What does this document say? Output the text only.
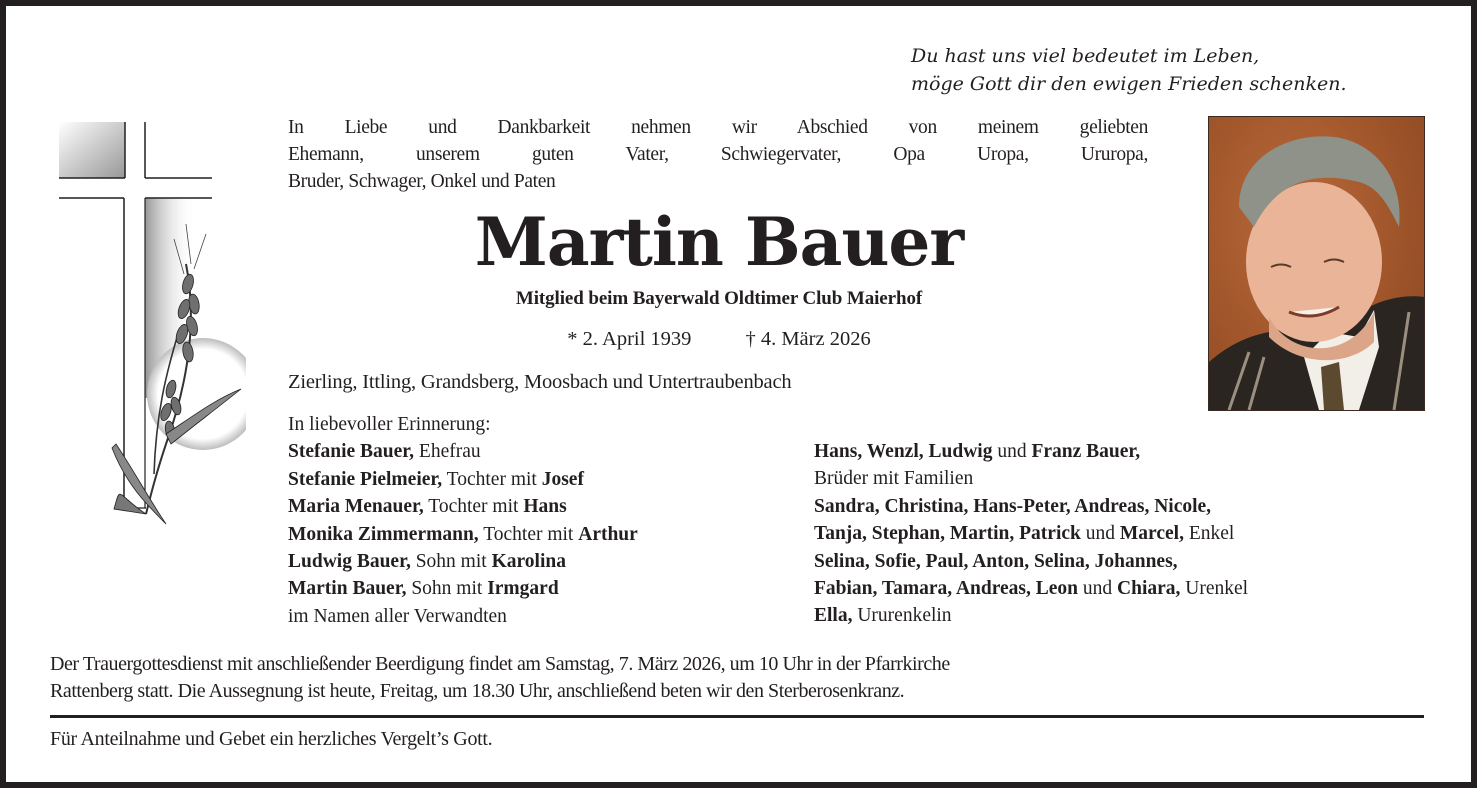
Du hast uns viel bedeutet im Leben,
möge Gott dir den ewigen Frieden schenken.
In Liebe und Dankbarkeit nehmen wir Abschied von meinem geliebten
Ehemann, unserem guten Vater, Schwiegervater, Opa Uropa, Ururopa,
Bruder, Schwager, Onkel und Paten
Martin Bauer
Mitglied beim Bayerwald Oldtimer Club Maierhof
* 2. April 1939	† 4. März 2026
Zierling, Ittling, Grandsberg, Moosbach und Untertraubenbach
In liebevoller Erinnerung:
Stefanie Bauer, Ehefrau
Stefanie Pielmeier, Tochter mit Josef
Maria Menauer, Tochter mit Hans
Monika Zimmermann, Tochter mit Arthur
Ludwig Bauer, Sohn mit Karolina
Martin Bauer, Sohn mit Irmgard
im Namen aller Verwandten
Hans, Wenzl, Ludwig und Franz Bauer,
Brüder mit Familien
Sandra, Christina, Hans-Peter, Andreas, Nicole,
Tanja, Stephan, Martin, Patrick und Marcel, Enkel
Selina, Sofie, Paul, Anton, Selina, Johannes,
Fabian, Tamara, Andreas, Leon und Chiara, Urenkel
Ella, Ururenkelin
Der Trauergottesdienst mit anschließender Beerdigung findet am Samstag, 7. März 2026, um 10 Uhr in der Pfarrkirche
Rattenberg statt. Die Aussegnung ist heute, Freitag, um 18.30 Uhr, anschließend beten wir den Sterberosenkranz.
Für Anteilnahme und Gebet ein herzliches Vergelt’s Gott.
